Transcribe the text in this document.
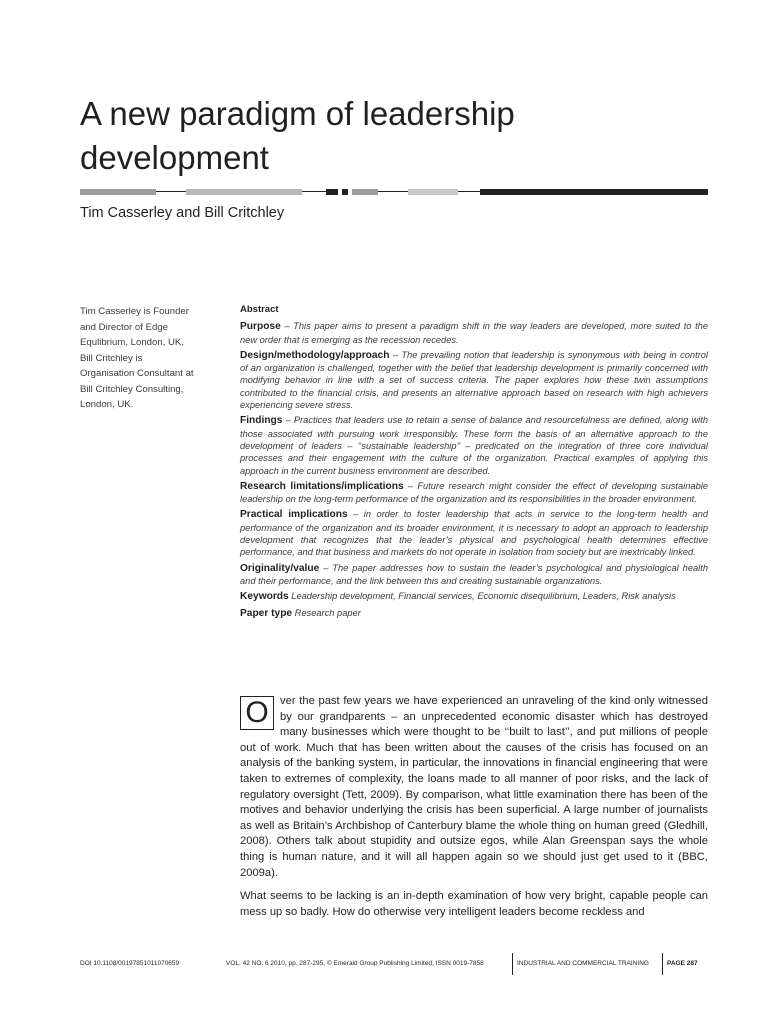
A new paradigm of leadership
development

Tim Casserley and Bill Critchley

Tim Casserley is Founder
and Director of Edge
Equlibrium, London, UK.
Bill Critchley is
Organisation Consultant at
Bill Critchley Consulting,
London, UK.
Abstract

Purpose – This paper aims to present a paradigm shift in the way leaders are developed, more suited to the new order that is emerging as the recession recedes.

Design/methodology/approach – The prevailing notion that leadership is synonymous with being in control of an organization is challenged, together with the belief that leadership development is primarily concerned with modifying behavior in line with a set of success criteria. The paper explores how these twin assumptions contributed to the financial crisis, and presents an alternative approach based on research with high achievers experiencing severe stress.

Findings – Practices that leaders use to retain a sense of balance and resourcefulness are defined, along with those associated with pursuing work irresponsibly. These form the basis of an alternative approach to the development of leaders – ‘‘sustainable leadership’’ – predicated on the integration of three core individual processes and their engagement with the culture of the organization. Practical examples of applying this approach in the current business environment are described.

Research limitations/implications – Future research might consider the effect of developing sustainable leadership on the long-term performance of the organization and its responsibilities in the broader environment.

Practical implications – in order to foster leadership that acts in service to the long-term health and performance of the organization and its broader environment, it is necessary to adopt an approach to leadership development that recognizes that the leader’s physical and psychological health determines effective performance, and that business and markets do not operate in isolation from society but are inextricably linked.

Originality/value – The paper addresses how to sustain the leader’s psychological and physiological health and their performance, and the link between this and creating sustainable organizations.

Keywords Leadership development, Financial services, Economic disequilibrium, Leaders, Risk analysis

Paper type Research paper

O	ver the past few years we have experienced an unraveling of the kind only witnessed by our grandparents – an unprecedented economic disaster which has destroyed many businesses which were thought to be ‘‘built to last’’, and put millions of people out of work. Much that has been written about the causes of the crisis has focused on an analysis of the banking system, in particular, the innovations in financial engineering that were taken to extremes of complexity, the loans made to all manner of poor risks, and the lack of regulatory oversight (Tett, 2009). By comparison, what little examination there has been of the motives and behavior underlying the crisis has been superficial. A large number of journalists as well as Britain’s Archbishop of Canterbury blame the whole thing on human greed (Gledhill, 2008). Others talk about stupidity and outsize egos, while Alan Greenspan says the whole thing is human nature, and it will all happen again so we should just get used to it (BBC, 2009a).

What seems to be lacking is an in-depth examination of how very bright, capable people can mess up so badly. How do otherwise very intelligent leaders become reckless and

DOI 10.1108/00197851011070659	VOL. 42 NO. 6 2010, pp. 287-295, © Emerald Group Publishing Limited, ISSN 0019-7858	INDUSTRIAL AND COMMERCIAL TRAINING	PAGE 287
